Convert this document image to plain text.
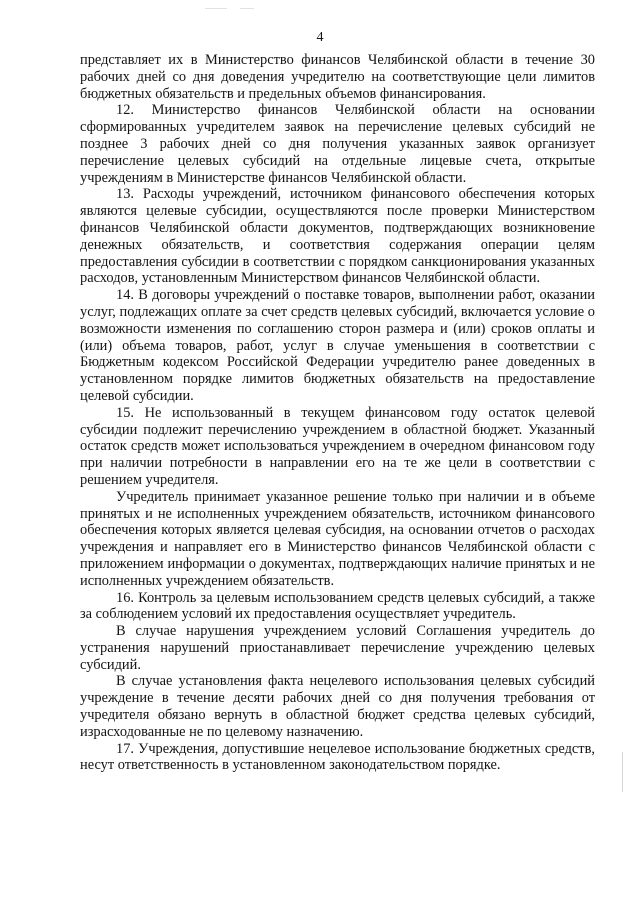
4

представляет их в Министерство финансов Челябинской области в течение 30 рабочих дней со дня доведения учредителю на соответствующие цели лимитов бюджетных обязательств и предельных объемов финансирования.

12. Министерство финансов Челябинской области на основании сформированных учредителем заявок на перечисление целевых субсидий не позднее 3 рабочих дней со дня получения указанных заявок организует перечисление целевых субсидий на отдельные лицевые счета, открытые учреждениям в Министерстве финансов Челябинской области.

13. Расходы учреждений, источником финансового обеспечения которых являются целевые субсидии, осуществляются после проверки Министерством финансов Челябинской области документов, подтверждающих возникновение денежных обязательств, и соответствия содержания операции целям предоставления субсидии в соответствии с порядком санкционирования указанных расходов, установленным Министерством финансов Челябинской области.

14. В договоры учреждений о поставке товаров, выполнении работ, оказании услуг, подлежащих оплате за счет средств целевых субсидий, включается условие о возможности изменения по соглашению сторон размера и (или) сроков оплаты и (или) объема товаров, работ, услуг в случае уменьшения в соответствии с Бюджетным кодексом Российской Федерации учредителю ранее доведенных в установленном порядке лимитов бюджетных обязательств на предоставление целевой субсидии.

15. Не использованный в текущем финансовом году остаток целевой субсидии подлежит перечислению учреждением в областной бюджет. Указанный остаток средств может использоваться учреждением в очередном финансовом году при наличии потребности в направлении его на те же цели в соответствии с решением учредителя.

Учредитель принимает указанное решение только при наличии и в объеме принятых и не исполненных учреждением обязательств, источником финансового обеспечения которых является целевая субсидия, на основании отчетов о расходах учреждения и направляет его в Министерство финансов Челябинской области с приложением информации о документах, подтверждающих наличие принятых и не исполненных учреждением обязательств.

16. Контроль за целевым использованием средств целевых субсидий, а также за соблюдением условий их предоставления осуществляет учредитель.

В случае нарушения учреждением условий Соглашения учредитель до устранения нарушений приостанавливает перечисление учреждению целевых субсидий.

В случае установления факта нецелевого использования целевых субсидий учреждение в течение десяти рабочих дней со дня получения требования от учредителя обязано вернуть в областной бюджет средства целевых субсидий, израсходованные не по целевому назначению.

17. Учреждения, допустившие нецелевое использование бюджетных средств, несут ответственность в установленном законодательством порядке.
